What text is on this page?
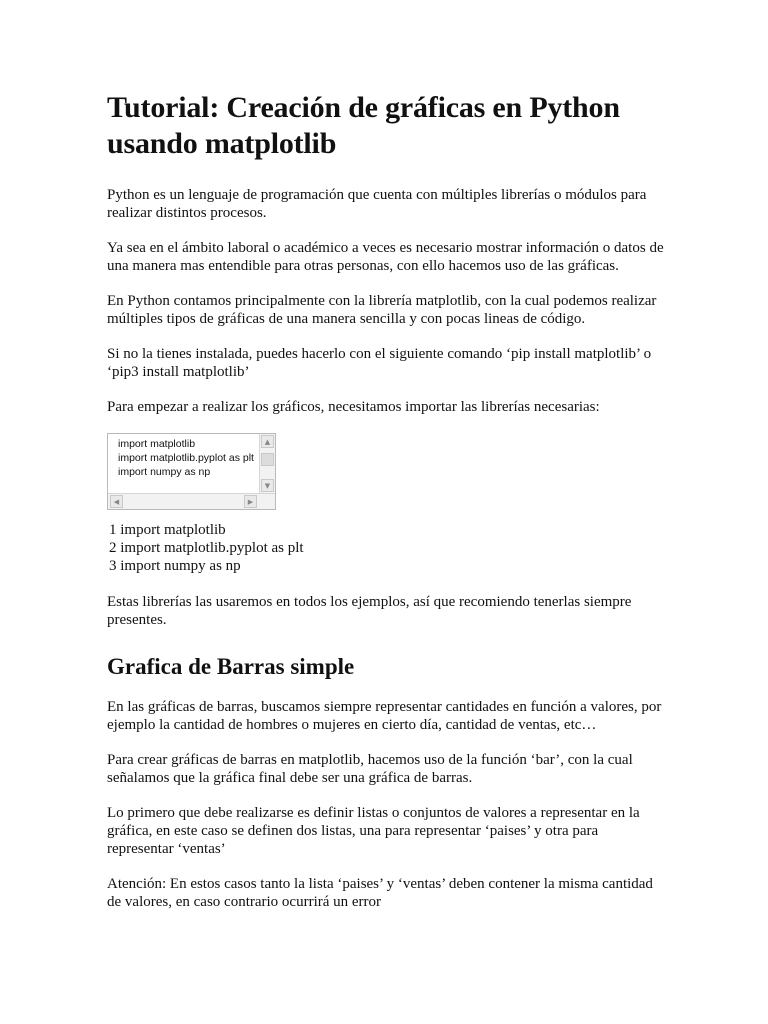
Tutorial: Creación de gráficas en Python usando matplotlib

Python es un lenguaje de programación que cuenta con múltiples librerías o módulos para realizar distintos procesos.

Ya sea en el ámbito laboral o académico a veces es necesario mostrar información o datos de una manera mas entendible para otras personas, con ello hacemos uso de las gráficas.

En Python contamos principalmente con la librería matplotlib, con la cual podemos realizar múltiples tipos de gráficas de una manera sencilla y con pocas lineas de código.

Si no la tienes instalada, puedes hacerlo con el siguiente comando ‘pip install matplotlib’ o ‘pip3 install matplotlib’

Para empezar a realizar los gráficos, necesitamos importar las librerías necesarias:

import matplotlib
import matplotlib.pyplot as plt
import numpy as np
▲
▼
◀	▶
1 import matplotlib
2 import matplotlib.pyplot as plt
3 import numpy as np

Estas librerías las usaremos en todos los ejemplos, así que recomiendo tenerlas siempre presentes.

Grafica de Barras simple

En las gráficas de barras, buscamos siempre representar cantidades en función a valores, por ejemplo la cantidad de hombres o mujeres en cierto día, cantidad de ventas, etc…

Para crear gráficas de barras en matplotlib, hacemos uso de la función ‘bar’, con la cual señalamos que la gráfica final debe ser una gráfica de barras.

Lo primero que debe realizarse es definir listas o conjuntos de valores a representar en la gráfica, en este caso se definen dos listas, una para representar ‘paises’ y otra para representar ‘ventas’

Atención: En estos casos tanto la lista ‘paises’ y ‘ventas’ deben contener la misma cantidad de valores, en caso contrario ocurrirá un error
